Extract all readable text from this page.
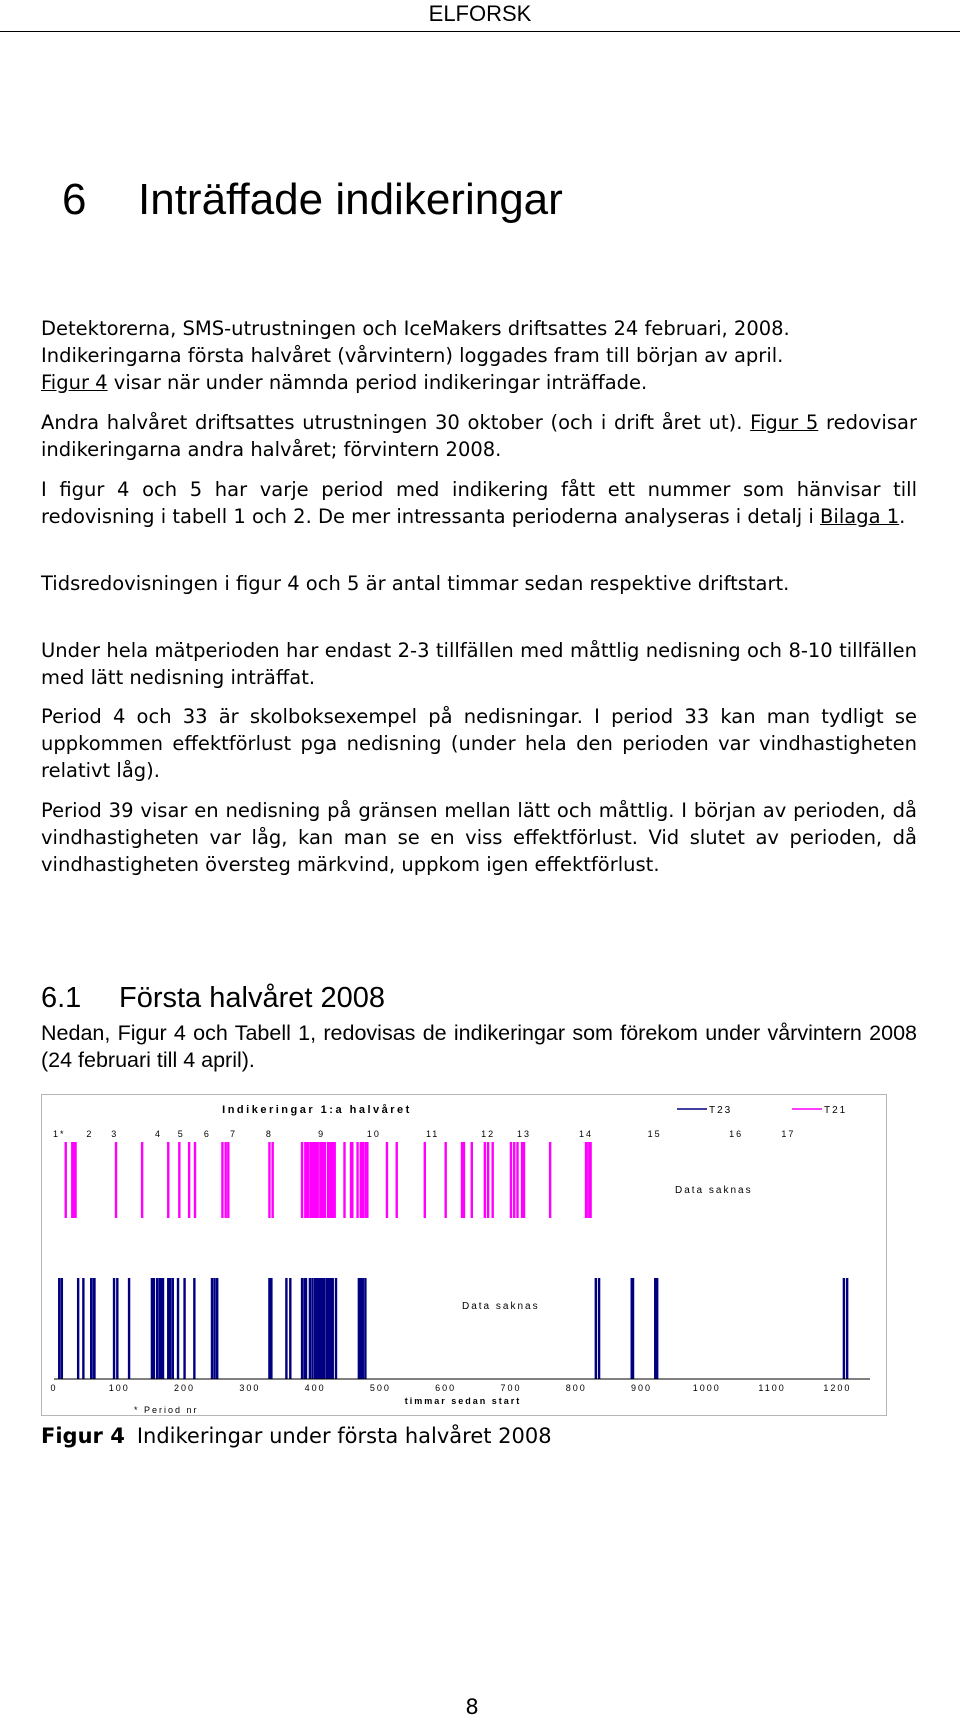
ELFORSK
6 Inträffade indikeringar

Detektorerna, SMS-utrustningen och IceMakers driftsattes 24 februari, 2008.
Indikeringarna första halvåret (vårvintern) loggades fram till början av april.
Figur 4 visar när under nämnda period indikeringar inträffade.

Andra halvåret driftsattes utrustningen 30 oktober (och i drift året ut). Figur 5 redovisar indikeringarna andra halvåret; förvintern 2008.

I figur 4 och 5 har varje period med indikering fått ett nummer som hänvisar till redovisning i tabell 1 och 2. De mer intressanta perioderna analyseras i detalj i Bilaga 1.

Tidsredovisningen i figur 4 och 5 är antal timmar sedan respektive driftstart.

Under hela mätperioden har endast 2-3 tillfällen med måttlig nedisning och 8-10 tillfällen med lätt nedisning inträffat.

Period 4 och 33 är skolboksexempel på nedisningar. I period 33 kan man tydligt se uppkommen effektförlust pga nedisning (under hela den perioden var vindhastigheten relativt låg).

Period 39 visar en nedisning på gränsen mellan lätt och måttlig. I början av perioden, då vindhastigheten var låg, kan man se en viss effektförlust. Vid slutet av perioden, då vindhastigheten översteg märkvind, uppkom igen effektförlust.

6.1 Första halvåret 2008

Nedan, Figur 4 och Tabell 1, redovisas de indikeringar som förekom under vårvintern 2008 (24 februari till 4 april).

Indikeringar 1:a halvåret	T23	T21
1* 2 3	4 5 6 7	8	9	10	11	12 13	14	15	16	17
Data saknas
Data saknas
0	100	200	300	400	500	600	700	800	900	1000	1100	1200
timmar sedan start
* Period nr
Figur 4 Indikeringar under första halvåret 2008
8
